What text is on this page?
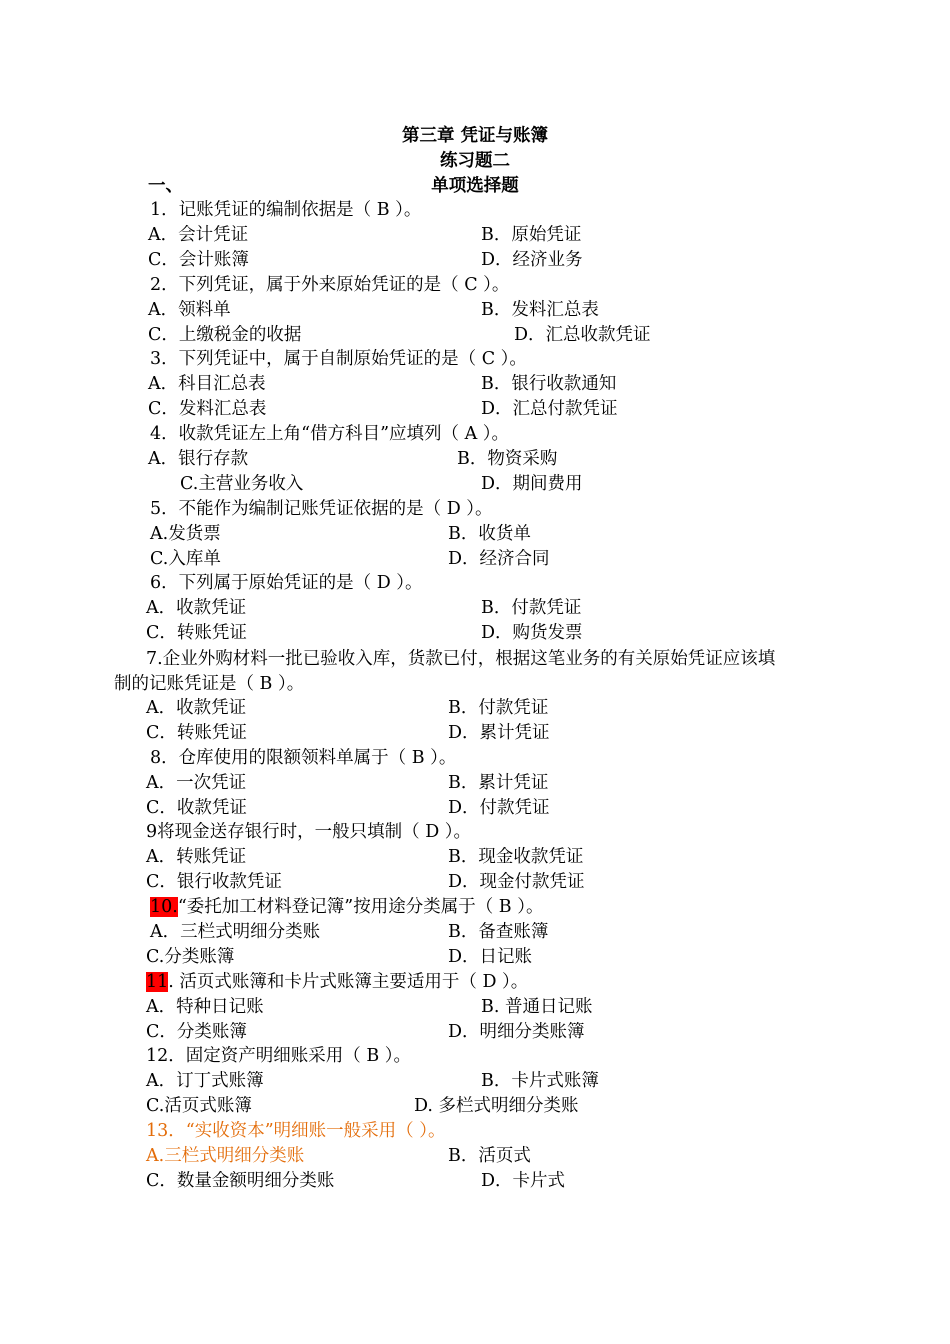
第三章 凭证与账簿
练习题二
一、	单项选择题
1．记账凭证的编制依据是（ B ）。
A．会计凭证	B．原始凭证
C．会计账簿	D．经济业务
2．下列凭证，属于外来原始凭证的是（ C ）。
A．领料单	B．发料汇总表
C．上缴税金的收据	D．汇总收款凭证
3．下列凭证中，属于自制原始凭证的是（ C ）。
A．科目汇总表	B．银行收款通知
C．发料汇总表	D．汇总付款凭证
4．收款凭证左上角“借方科目”应填列（ A ）。
A．银行存款	B．物资采购
C.主营业务收入	D．期间费用
5．不能作为编制记账凭证依据的是（ D ）。
A.发货票	B．收货单
C.入库单	D．经济合同
6．下列属于原始凭证的是（ D ）。
A．收款凭证	B．付款凭证
C．转账凭证	D．购货发票
7.企业外购材料一批已验收入库，货款已付，根据这笔业务的有关原始凭证应该填
制的记账凭证是（ B ）。
A．收款凭证	B．付款凭证
C．转账凭证	D．累计凭证
8．仓库使用的限额领料单属于（ B ）。
A．一次凭证	B．累计凭证
C．收款凭证	D．付款凭证
9将现金送存银行时，一般只填制（ D ）。
A．转账凭证	B．现金收款凭证
C．银行收款凭证	D．现金付款凭证
10.“委托加工材料登记簿”按用途分类属于（ B ）。
A．三栏式明细分类账	B．备查账簿
C.分类账簿	D．日记账
11. 活页式账簿和卡片式账簿主要适用于（ D ）。
A．特种日记账	B. 普通日记账
C．分类账簿	D．明细分类账簿
12．固定资产明细账采用（ B ）。
A．订丁式账簿	B．卡片式账簿
C.活页式账簿	D. 多栏式明细分类账
13．“实收资本”明细账一般采用（ ）。
A.三栏式明细分类账	B．活页式
C．数量金额明细分类账	D．卡片式
